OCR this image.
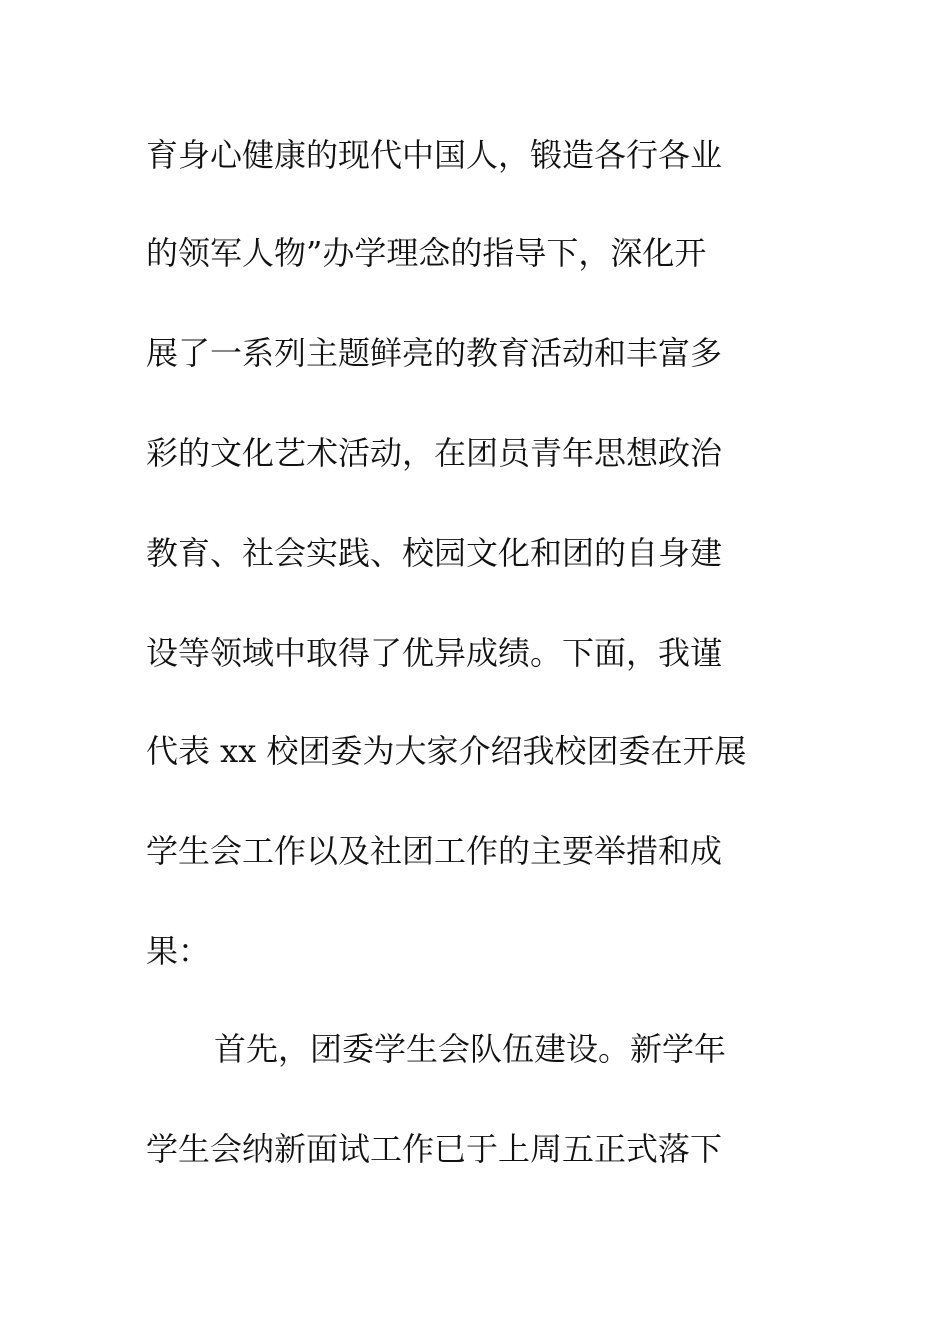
育身心健康的现代中国人，锻造各行各业
的领军人物”办学理念的指导下，深化开
展了一系列主题鲜亮的教育活动和丰富多
彩的文化艺术活动，在团员青年思想政治
教育、社会实践、校园文化和团的自身建
设等领域中取得了优异成绩。下面，我谨
代表 xx 校团委为大家介绍我校团委在开展
学生会工作以及社团工作的主要举措和成
果：
首先，团委学生会队伍建设。新学年
学生会纳新面试工作已于上周五正式落下
